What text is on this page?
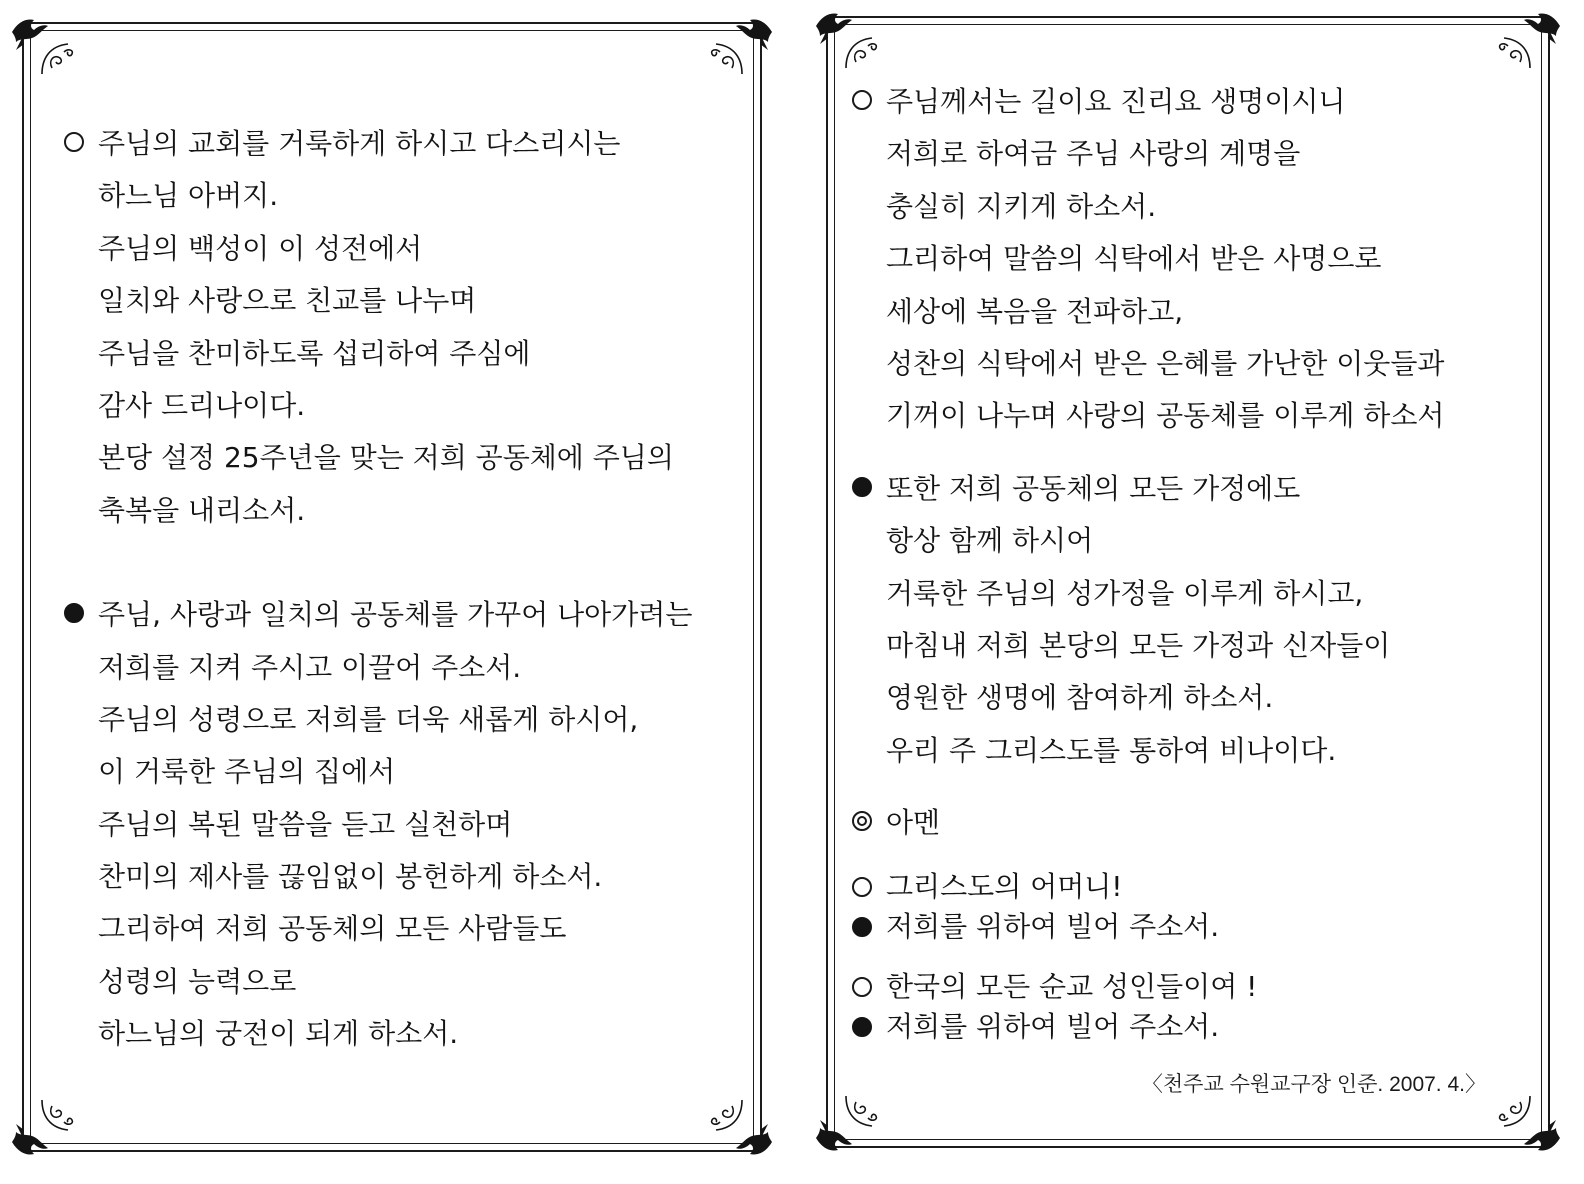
주님의 교회를 거룩하게 하시고 다스리시는
하느님 아버지.
주님의 백성이 이 성전에서
일치와 사랑으로 친교를 나누며
주님을 찬미하도록 섭리하여 주심에
감사 드리나이다.
본당 설정 25주년을 맞는 저희 공동체에 주님의
축복을 내리소서.
주님, 사랑과 일치의 공동체를 가꾸어 나아가려는
저희를 지켜 주시고 이끌어 주소서.
주님의 성령으로 저희를 더욱 새롭게 하시어,
이 거룩한 주님의 집에서
주님의 복된 말씀을 듣고 실천하며
찬미의 제사를 끊임없이 봉헌하게 하소서.
그리하여 저희 공동체의 모든 사람들도
성령의 능력으로
하느님의 궁전이 되게 하소서.
주님께서는 길이요 진리요 생명이시니
저희로 하여금 주님 사랑의 계명을
충실히 지키게 하소서.
그리하여 말씀의 식탁에서 받은 사명으로
세상에 복음을 전파하고,
성찬의 식탁에서 받은 은혜를 가난한 이웃들과
기꺼이 나누며 사랑의 공동체를 이루게 하소서
또한 저희 공동체의 모든 가정에도
항상 함께 하시어
거룩한 주님의 성가정을 이루게 하시고,
마침내 저희 본당의 모든 가정과 신자들이
영원한 생명에 참여하게 하소서.
우리 주 그리스도를 통하여 비나이다.
아멘
그리스도의 어머니!
저희를 위하여 빌어 주소서.
한국의 모든 순교 성인들이여 !
저희를 위하여 빌어 주소서.
〈천주교 수원교구장 인준. 2007. 4.〉
